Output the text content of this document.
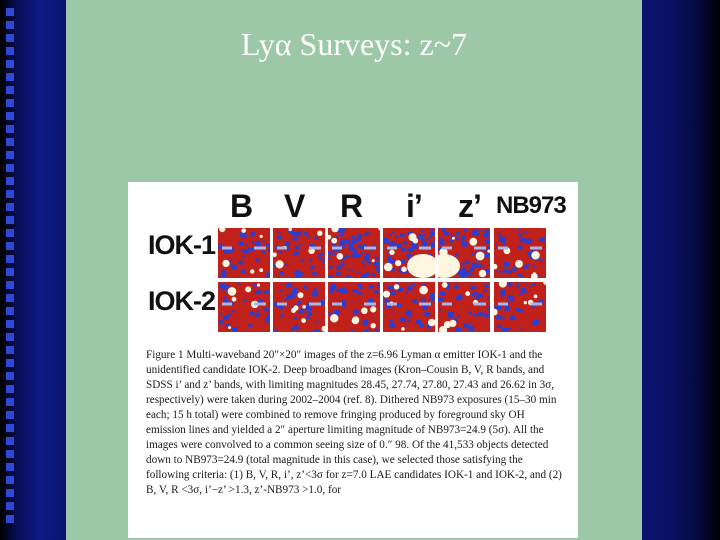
Lyα Surveys: z~7
B V R i’ z’ NB973
IOK-1
IOK-2
Figure 1 Multi-waveband 20″×20″ images of the z=6.96 Lyman α emitter IOK-1 and the unidentified candidate IOK-2. Deep broadband images (Kron–Cousin B, V, R bands, and SDSS i’ and z’ bands, with limiting magnitudes 28.45, 27.74, 27.80, 27.43 and 26.62 in 3σ, respectively) were taken during 2002–2004 (ref. 8). Dithered NB973 exposures (15–30 min each; 15 h total) were combined to remove fringing produced by foreground sky OH emission lines and yielded a 2″ aperture limiting magnitude of NB973=24.9 (5σ). All the images were convolved to a common seeing size of 0.″ 98. Of the 41,533 objects detected down to NB973=24.9 (total magnitude in this case), we selected those satisfying the following criteria: (1) B, V, R, i’, z’<3σ for z=7.0 LAE candidates IOK-1 and IOK-2, and (2) B, V, R <3σ, i’−z’ >1.3, z’-NB973 >1.0, for
